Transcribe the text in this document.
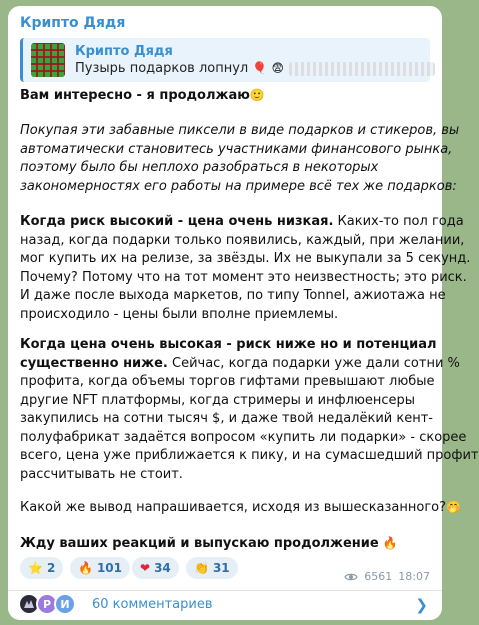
Крипто Дядя
Крипто Дядя
Пузырь подарков лопнул 🎈 😨
Вам интересно - я продолжаю🙂
Покупая эти забавные пиксели в виде подарков и стикеров, вы
автоматически становитесь участниками финансового рынка,
поэтому было бы неплохо разобраться в некоторых
закономерностях его работы на примере всё тех же подарков:
Когда риск высокий - цена очень низкая. Каких-то пол года
назад, когда подарки только появились, каждый, при желании,
мог купить их на релизе, за звёзды. Их не выкупали за 5 секунд.
Почему? Потому что на тот момент это неизвестность; это риск.
И даже после выхода маркетов, по типу Tonnel, ажиотажа не
происходило - цены были вполне приемлемы.
Когда цена очень высокая - риск ниже но и потенциал
существенно ниже. Сейчас, когда подарки уже дали сотни %
профита, когда объемы торгов гифтами превышают любые
другие NFT платформы, когда стримеры и инфлюенсеры
закупились на сотни тысяч $, и даже твой недалёкий кент-
полуфабрикат задаётся вопросом «купить ли подарки» - скорее
всего, цена уже приближается к пику, и на сумасшедший профит
рассчитывать не стоит.
Какой же вывод напрашивается, исходя из вышесказанного?🤭
Жду ваших реакций и выпускаю продолжение 🔥
⭐ 2 🔥 101 ❤ 34 👏 31
6561 18:07
Р И	60 комментариев	❯
